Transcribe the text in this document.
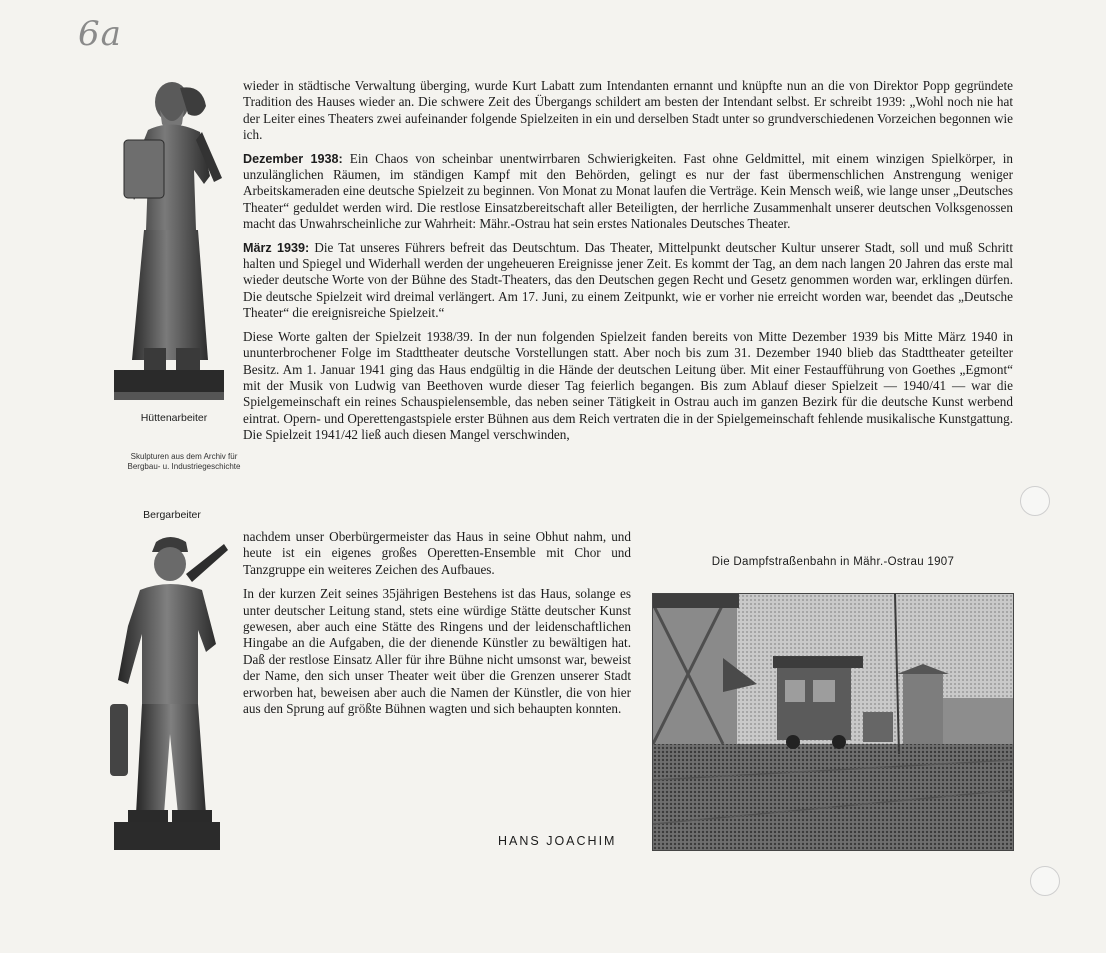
6a
Hüttenarbeiter
Skulpturen aus dem Archiv für Bergbau- u. Industriegeschichte
Bergarbeiter

wieder in städtische Verwaltung überging, wurde Kurt Labatt zum Intendanten ernannt und knüpfte nun an die von Direktor Popp gegründete Tradition des Hauses wieder an. Die schwere Zeit des Übergangs schildert am besten der Intendant selbst. Er schreibt 1939: „Wohl noch nie hat der Leiter eines Theaters zwei aufeinander folgende Spielzeiten in ein und derselben Stadt unter so grundverschiedenen Vorzeichen begonnen wie ich.

Dezember 1938: Ein Chaos von scheinbar unentwirrbaren Schwierigkeiten. Fast ohne Geldmittel, mit einem winzigen Spielkörper, in unzulänglichen Räumen, im ständigen Kampf mit den Behörden, gelingt es nur der fast übermenschlichen Anstrengung weniger Arbeitskameraden eine deutsche Spielzeit zu beginnen. Von Monat zu Monat laufen die Verträge. Kein Mensch weiß, wie lange unser „Deutsches Theater“ geduldet werden wird. Die restlose Einsatzbereitschaft aller Beteiligten, der herrliche Zusammenhalt unserer deutschen Volksgenossen macht das Unwahrscheinliche zur Wahrheit: Mähr.-Ostrau hat sein erstes Nationales Deutsches Theater.

März 1939: Die Tat unseres Führers befreit das Deutschtum. Das Theater, Mittelpunkt deutscher Kultur unserer Stadt, soll und muß Schritt halten und Spiegel und Widerhall werden der ungeheueren Ereignisse jener Zeit. Es kommt der Tag, an dem nach langen 20 Jahren das erste mal wieder deutsche Worte von der Bühne des Stadt-Theaters, das den Deutschen gegen Recht und Gesetz genommen worden war, erklingen dürfen. Die deutsche Spielzeit wird dreimal verlängert. Am 17. Juni, zu einem Zeitpunkt, wie er vorher nie erreicht worden war, beendet das „Deutsche Theater“ die ereignisreiche Spielzeit.“

Diese Worte galten der Spielzeit 1938/39. In der nun folgenden Spielzeit fanden bereits von Mitte Dezember 1939 bis Mitte März 1940 in ununterbrochener Folge im Stadttheater deutsche Vorstellungen statt. Aber noch bis zum 31. Dezember 1940 blieb das Stadttheater geteilter Besitz. Am 1. Januar 1941 ging das Haus endgültig in die Hände der deutschen Leitung über. Mit einer Festaufführung von Goethes „Egmont“ mit der Musik von Ludwig van Beethoven wurde dieser Tag feierlich begangen. Bis zum Ablauf dieser Spielzeit — 1940/41 — war die Spielgemeinschaft ein reines Schauspielensemble, das neben seiner Tätigkeit in Ostrau auch im ganzen Bezirk für die deutsche Kunst werbend eintrat. Opern- und Operettengastspiele erster Bühnen aus dem Reich vertraten die in der Spielgemeinschaft fehlende musikalische Kunstgattung. Die Spielzeit 1941/42 ließ auch diesen Mangel verschwinden,

nachdem unser Oberbürgermeister das Haus in seine Obhut nahm, und heute ist ein eigenes großes Operetten-Ensemble mit Chor und Tanzgruppe ein weiteres Zeichen des Aufbaues.

In der kurzen Zeit seines 35jährigen Bestehens ist das Haus, solange es unter deutscher Leitung stand, stets eine würdige Stätte deutscher Kunst gewesen, aber auch eine Stätte des Ringens und der leidenschaftlichen Hingabe an die Aufgaben, die der dienende Künstler zu bewältigen hat. Daß der restlose Einsatz Aller für ihre Bühne nicht umsonst war, beweist der Name, den sich unser Theater weit über die Grenzen unserer Stadt erworben hat, beweisen aber auch die Namen der Künstler, die von hier aus den Sprung auf größte Bühnen wagten und sich behaupten konnten.

HANS JOACHIM
Die Dampfstraßenbahn in Mähr.-Ostrau 1907
